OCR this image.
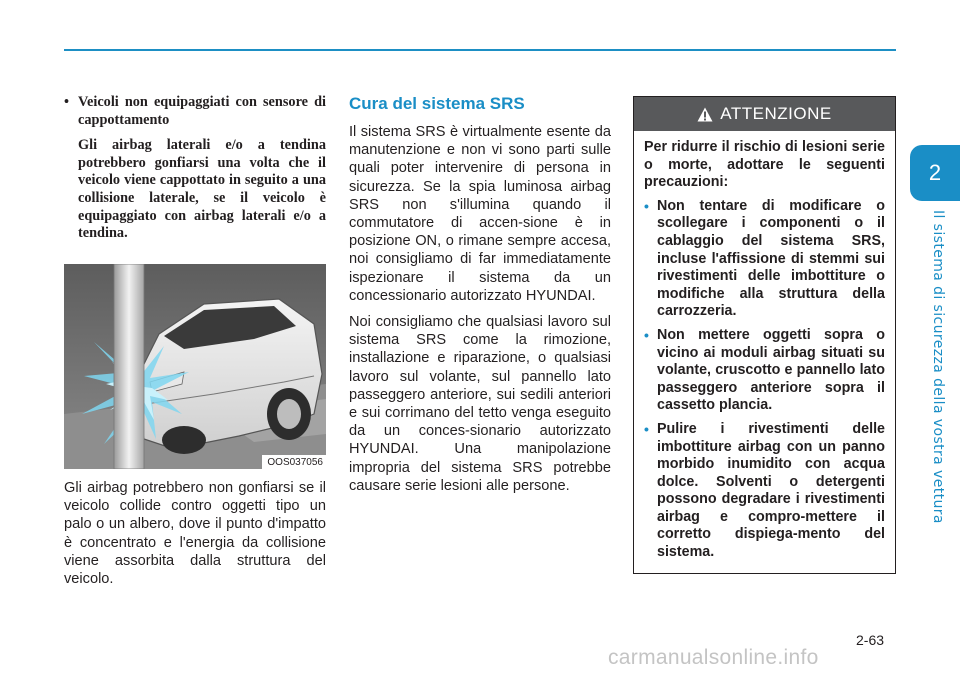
2
Il sistema di sicurezza della vostra vettura
• Veicoli non equipaggiati con sensore di cappottamento
Gli airbag laterali e/o a tendina potrebbero gonfiarsi una volta che il veicolo viene cappottato in seguito a una collisione laterale, se il veicolo è equipaggiato con airbag laterali e/o a tendina.
OOS037056
Gli airbag potrebbero non gonfiarsi se il veicolo collide contro oggetti tipo un palo o un albero, dove il punto d'impatto è concentrato e l'energia da collisione viene assorbita dalla struttura del veicolo.
Cura del sistema SRS

Il sistema SRS è virtualmente esente da manutenzione e non vi sono parti sulle quali poter intervenire di persona in sicurezza. Se la spia luminosa airbag SRS non s'illumina quando il commutatore di accen-sione è in posizione ON, o rimane sempre accesa, noi consigliamo di far immediatamente ispezionare il sistema da un concessionario autorizzato HYUNDAI.

Noi consigliamo che qualsiasi lavoro sul sistema SRS come la rimozione, installazione e riparazione, o qualsiasi lavoro sul volante, sul pannello lato passeggero anteriore, sui sedili anteriori e sui corrimano del tetto venga eseguito da un conces-sionario autorizzato HYUNDAI. Una manipolazione impropria del sistema SRS potrebbe causare serie lesioni alle persone.

ATTENZIONE
Per ridurre il rischio di lesioni serie o morte, adottare le seguenti precauzioni:
• Non tentare di modificare o scollegare i componenti o il cablaggio del sistema SRS, incluse l'affissione di stemmi sui rivestimenti delle imbottiture o modifiche alla struttura della carrozzeria.
• Non mettere oggetti sopra o vicino ai moduli airbag situati su volante, cruscotto e pannello lato passeggero anteriore sopra il cassetto plancia.
• Pulire i rivestimenti delle imbottiture airbag con un panno morbido inumidito con acqua dolce. Solventi o detergenti possono degradare i rivestimenti airbag e compro-mettere il corretto dispiega-mento del sistema.
2-63
carmanualsonline.info
